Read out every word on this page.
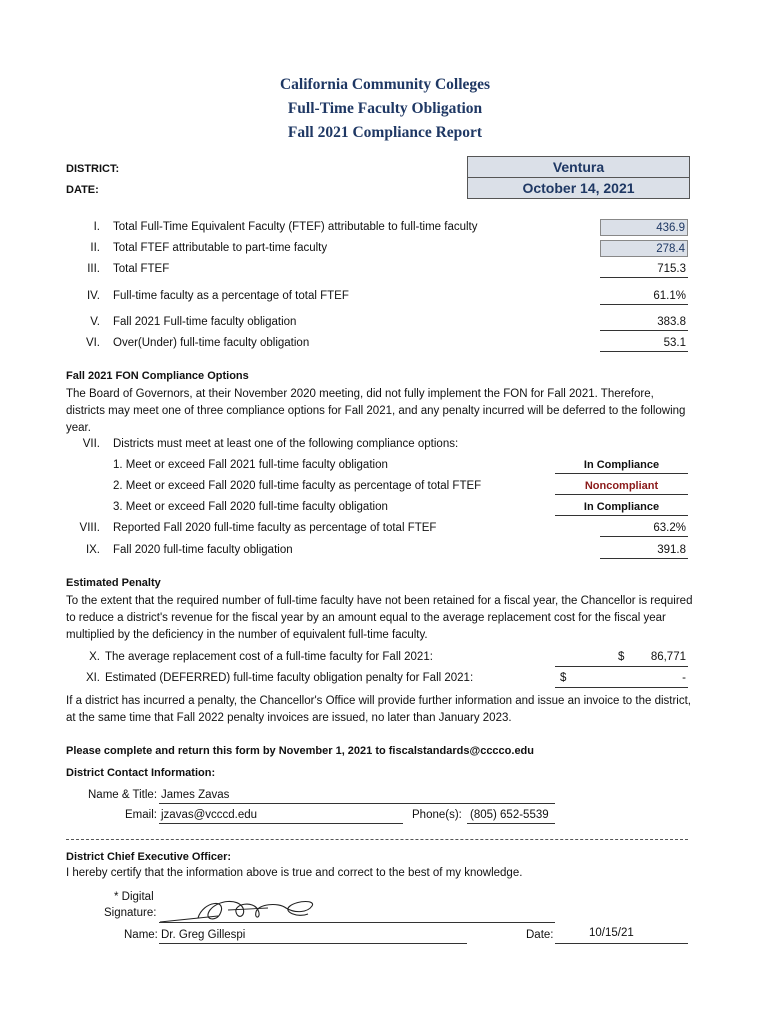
California Community Colleges
Full-Time Faculty Obligation
Fall 2021 Compliance Report
DISTRICT:	Ventura
DATE:	October 14, 2021
I. Total Full-Time Equivalent Faculty (FTEF) attributable to full-time faculty	436.9
II. Total FTEF attributable to part-time faculty	278.4
III. Total FTEF	715.3
IV. Full-time faculty as a percentage of total FTEF	61.1%
V. Fall 2021 Full-time faculty obligation	383.8
VI. Over(Under) full-time faculty obligation	53.1
Fall 2021 FON Compliance Options
The Board of Governors, at their November 2020 meeting, did not fully implement the FON for Fall 2021. Therefore, districts may meet one of three compliance options for Fall 2021, and any penalty incurred will be deferred to the following year.
VII. Districts must meet at least one of the following compliance options:
1. Meet or exceed Fall 2021 full-time faculty obligation	In Compliance
2. Meet or exceed Fall 2020 full-time faculty as percentage of total FTEF	Noncompliant
3. Meet or exceed Fall 2020 full-time faculty obligation	In Compliance
VIII. Reported Fall 2020 full-time faculty as percentage of total FTEF	63.2%
IX. Fall 2020 full-time faculty obligation	391.8
Estimated Penalty
To the extent that the required number of full-time faculty have not been retained for a fiscal year, the Chancellor is required to reduce a district's revenue for the fiscal year by an amount equal to the average replacement cost for the fiscal year multiplied by the deficiency in the number of equivalent full-time faculty.
X. The average replacement cost of a full-time faculty for Fall 2021:	$	86,771
XI. Estimated (DEFERRED) full-time faculty obligation penalty for Fall 2021:	$	-
If a district has incurred a penalty, the Chancellor's Office will provide further information and issue an invoice to the district, at the same time that Fall 2022 penalty invoices are issued, no later than January 2023.
Please complete and return this form by November 1, 2021 to fiscalstandards@cccco.edu
District Contact Information:
Name & Title: James Zavas
Email: jzavas@vcccd.edu	Phone(s): (805) 652-5539
District Chief Executive Officer:
I hereby certify that the information above is true and correct to the best of my knowledge.
* Digital
Signature:
Name: Dr. Greg Gillespi	Date:	10/15/21
